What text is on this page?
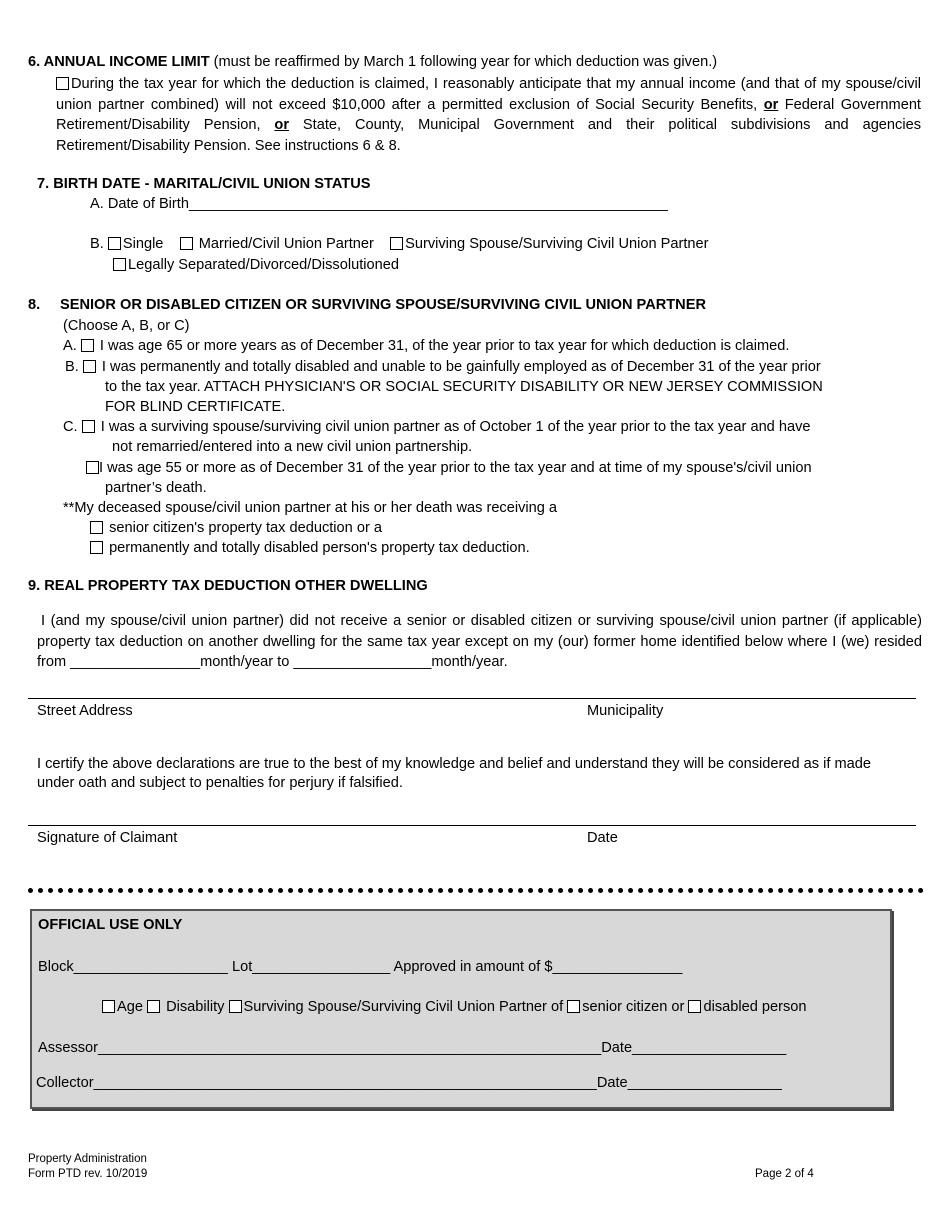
6. ANNUAL INCOME LIMIT (must be reaffirmed by March 1 following year for which deduction was given.)
During the tax year for which the deduction is claimed, I reasonably anticipate that my annual income (and that of my spouse/civil union partner combined) will not exceed $10,000 after a permitted exclusion of Social Security Benefits, or Federal Government Retirement/Disability Pension, or State, County, Municipal Government and their political subdivisions and agencies Retirement/Disability Pension. See instructions 6 & 8.
7. BIRTH DATE - MARITAL/CIVIL UNION STATUS
A. Date of Birth___________________________________________________________
B. Single Married/Civil Union Partner Surviving Spouse/Surviving Civil Union Partner
Legally Separated/Divorced/Dissolutioned
8. SENIOR OR DISABLED CITIZEN OR SURVIVING SPOUSE/SURVIVING CIVIL UNION PARTNER
(Choose A, B, or C)
A. I was age 65 or more years as of December 31, of the year prior to tax year for which deduction is claimed.
B. I was permanently and totally disabled and unable to be gainfully employed as of December 31 of the year prior
to the tax year. ATTACH PHYSICIAN'S OR SOCIAL SECURITY DISABILITY OR NEW JERSEY COMMISSION
FOR BLIND CERTIFICATE.
C. I was a surviving spouse/surviving civil union partner as of October 1 of the year prior to the tax year and have
not remarried/entered into a new civil union partnership.
I was age 55 or more as of December 31 of the year prior to the tax year and at time of my spouse's/civil union
partner’s death.
**My deceased spouse/civil union partner at his or her death was receiving a
senior citizen's property tax deduction or a
permanently and totally disabled person's property tax deduction.
9. REAL PROPERTY TAX DEDUCTION OTHER DWELLING
I (and my spouse/civil union partner) did not receive a senior or disabled citizen or surviving spouse/civil union partner (if applicable) property tax deduction on another dwelling for the same tax year except on my (our) former home identified below where I (we) resided from ________________month/year to _________________month/year.
Street Address	Municipality
I certify the above declarations are true to the best of my knowledge and belief and understand they will be considered as if made under oath and subject to penalties for perjury if falsified.
Signature of Claimant	Date
OFFICIAL USE ONLY
Block___________________ Lot_________________ Approved in amount of $________________
Age Disability Surviving Spouse/Surviving Civil Union Partner of senior citizen or disabled person
Assessor______________________________________________________________Date___________________
Collector______________________________________________________________Date___________________
Property Administration
Form PTD rev. 10/2019	Page 2 of 4
